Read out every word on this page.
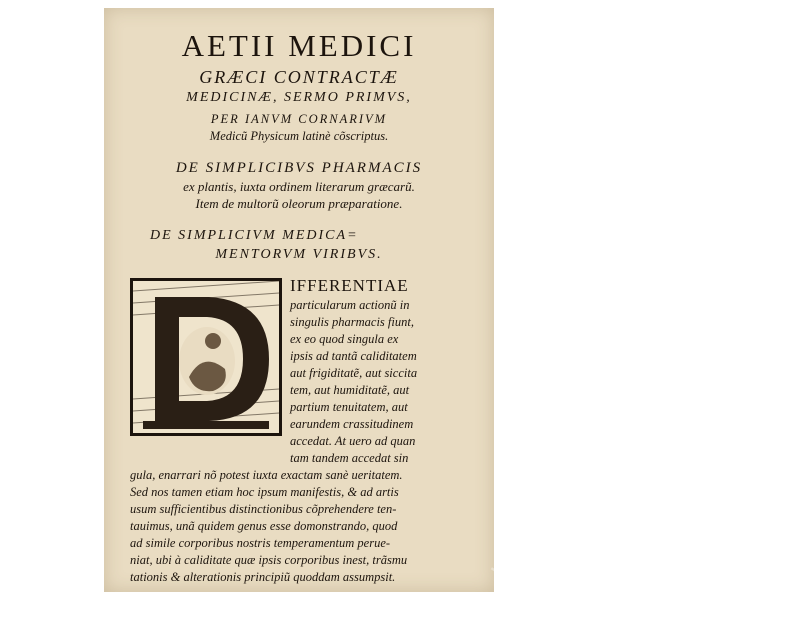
AETII MEDICI
GRÆCI CONTRACTÆ
MEDICINÆ, SERMO PRIMVS,
PER IANVM CORNARIVM
Medicũ Physicum latinè cõscriptus.
DE SIMPLICIBVS PHARMACIS
ex plantis, iuxta ordinem literarum græcarũ.
Item de multorũ oleorum præparatione.
DE SIMPLICIVM MEDICA=
MENTORVM VIRIBVS.
IFFERENTIAE
particularum actionũ in
singulis pharmacis fiunt,
ex eo quod singula ex
ipsis ad tantã caliditatem
aut frigiditatẽ, aut siccita
tem, aut humiditatẽ, aut
partium tenuitatem, aut
earundem crassitudinem
accedat. At uero ad quan
tam tandem accedat sin
gula, enarrari nõ potest iuxta exactam sanè ueritatem.
Sed nos tamen etiam hoc ipsum manifestis, & ad artis
usum sufficientibus distinctionibus cõprehendere ten-
tauimus, unã quidem genus esse domonstrando, quod
ad simile corporibus nostris temperamentum perue-
niat, ubi à caliditate quæ ipsis corporibus inest, trãsmu
tationis & alterationis principiũ quoddam assumpsit.	LIBRERIA ANTIQUARIA ROMA
